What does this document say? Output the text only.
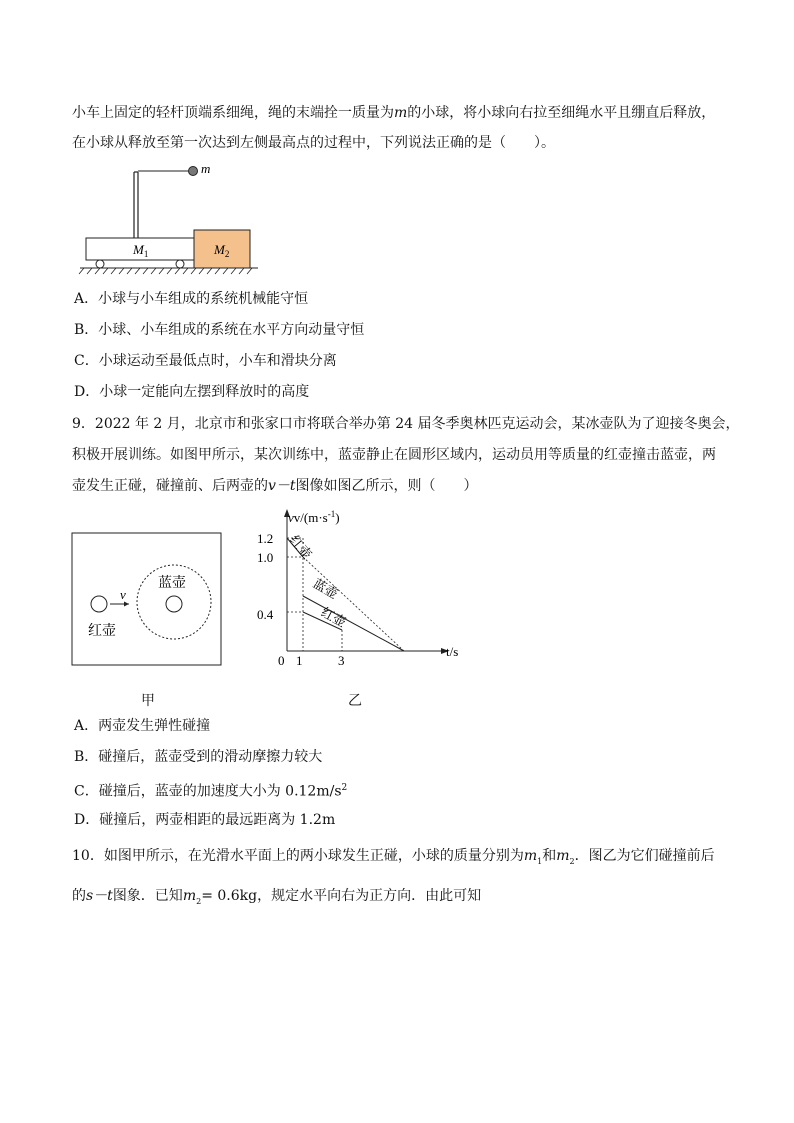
小车上固定的轻杆顶端系细绳，绳的末端拴一质量为m的小球，将小球向右拉至细绳水平且绷直后释放，
在小球从释放至第一次达到左侧最高点的过程中，下列说法正确的是（　　）。
m
$M_1$	$M_2$
A．小球与小车组成的系统机械能守恒
B．小球、小车组成的系统在水平方向动量守恒
C．小球运动至最低点时，小车和滑块分离
D．小球一定能向左摆到释放时的高度
9．2022 年 2 月，北京市和张家口市将联合举办第 24 届冬季奥林匹克运动会，某冰壶队为了迎接冬奥会，
积极开展训练。如图甲所示，某次训练中，蓝壶静止在圆形区域内，运动员用等质量的红壶撞击蓝壶，两
壶发生正碰，碰撞前、后两壶的v－t图像如图乙所示，则（　　）
蓝壶
红壶
v
甲
$vv/(m\cdot s^{-1})$
t/s
1.2
1.0
0.4
0 1	3
红壶
蓝壶
红壶
乙
A．两壶发生弹性碰撞
B．碰撞后，蓝壶受到的滑动摩擦力较大
C．碰撞后，蓝壶的加速度大小为 $0.12m/s^2$
D．碰撞后，两壶相距的最远距离为 1.2m
10．如图甲所示，在光滑水平面上的两小球发生正碰，小球的质量分别为$m_1$和$m_2$．图乙为它们碰撞前后
的s－t图象．已知$m_2= 0.6kg$，规定水平向右为正方向．由此可知
